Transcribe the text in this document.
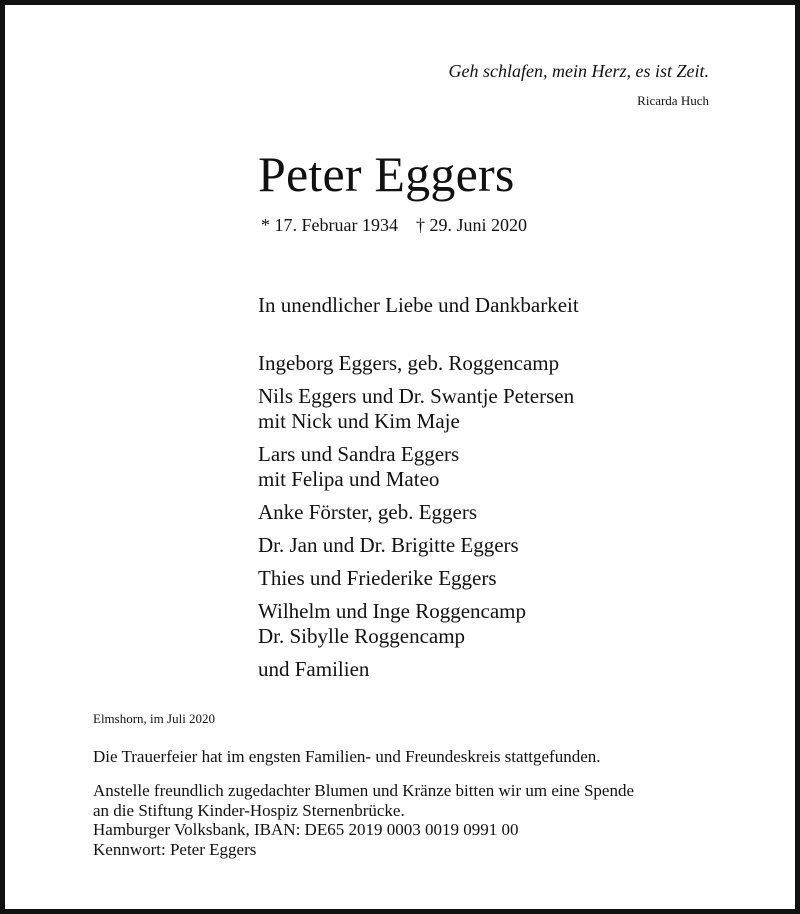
Geh schlafen, mein Herz, es ist Zeit.
Ricarda Huch
Peter Eggers
* 17. Februar 1934 † 29. Juni 2020
In unendlicher Liebe und Dankbarkeit
Ingeborg Eggers, geb. Roggencamp
Nils Eggers und Dr. Swantje Petersen
mit Nick und Kim Maje
Lars und Sandra Eggers
mit Felipa und Mateo
Anke Förster, geb. Eggers
Dr. Jan und Dr. Brigitte Eggers
Thies und Friederike Eggers
Wilhelm und Inge Roggencamp
Dr. Sibylle Roggencamp
und Familien
Elmshorn, im Juli 2020
Die Trauerfeier hat im engsten Familien- und Freundeskreis stattgefunden.
Anstelle freundlich zugedachter Blumen und Kränze bitten wir um eine Spende
an die Stiftung Kinder-Hospiz Sternenbrücke.
Hamburger Volksbank, IBAN: DE65 2019 0003 0019 0991 00
Kennwort: Peter Eggers
